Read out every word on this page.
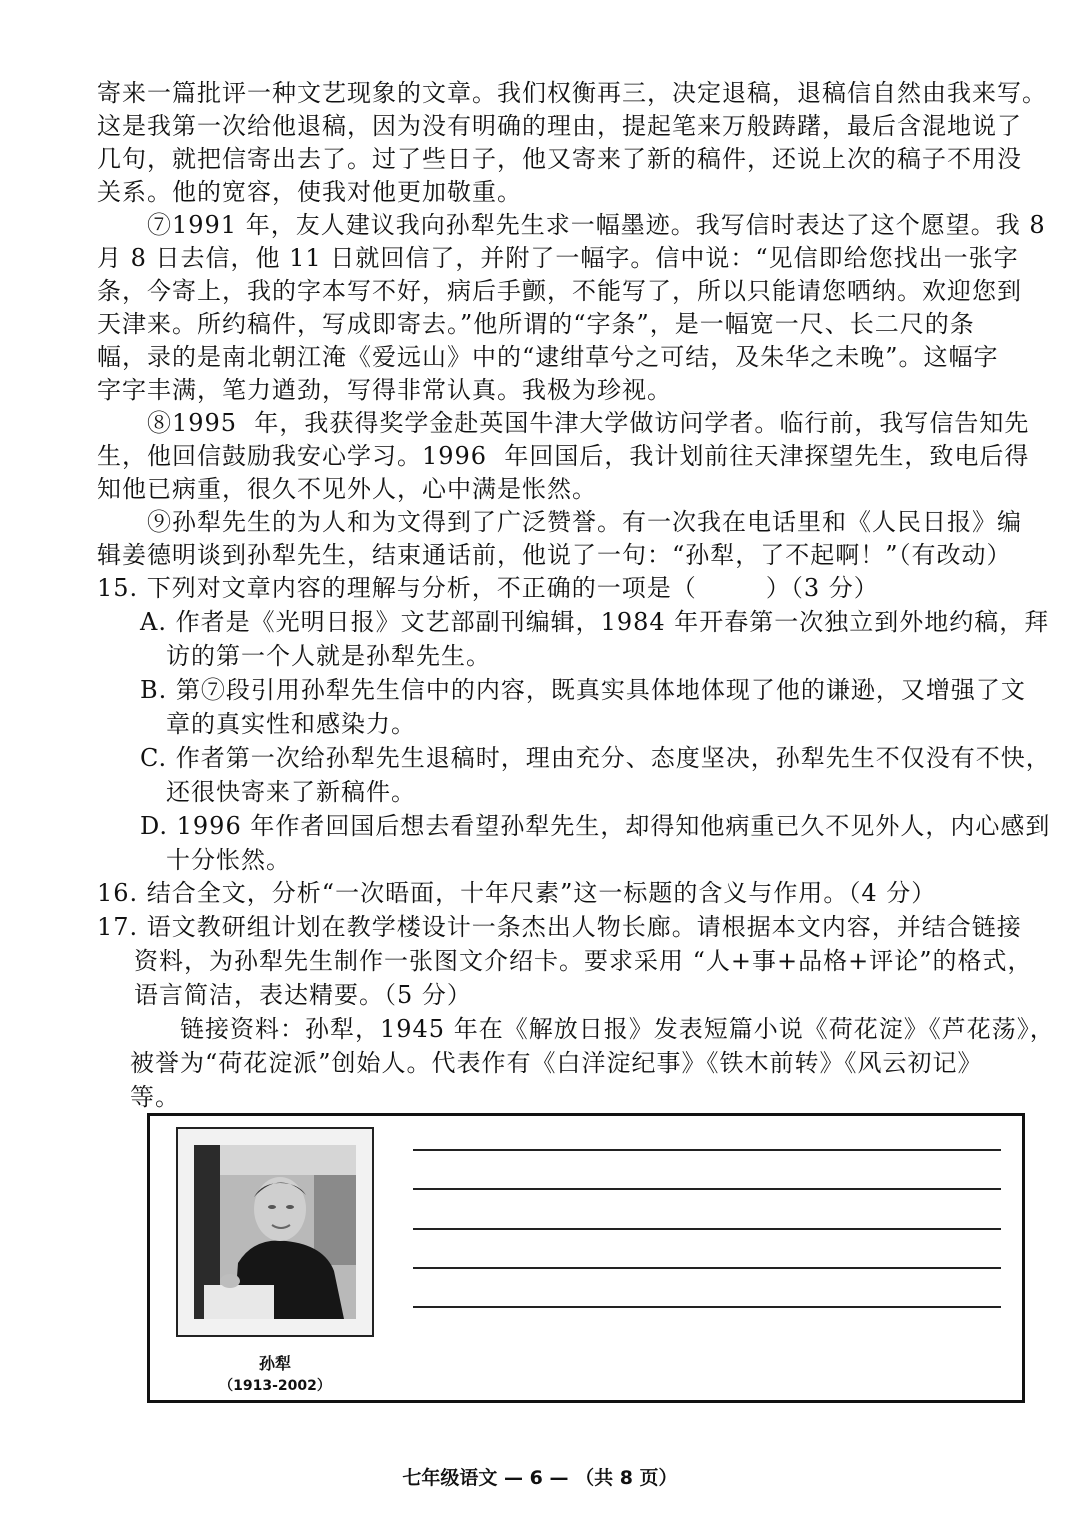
寄来一篇批评一种文艺现象的文章。我们权衡再三，决定退稿，退稿信自然由我来写。
这是我第一次给他退稿，因为没有明确的理由，提起笔来万般踌躇，最后含混地说了
几句，就把信寄出去了。过了些日子，他又寄来了新的稿件，还说上次的稿子不用没
关系。他的宽容，使我对他更加敬重。
⑦1991 年，友人建议我向孙犁先生求一幅墨迹。我写信时表达了这个愿望。我 8
月 8 日去信，他 11 日就回信了，并附了一幅字。信中说：“见信即给您找出一张字
条，今寄上，我的字本写不好，病后手颤，不能写了，所以只能请您哂纳。欢迎您到
天津来。所约稿件，写成即寄去。”他所谓的“字条”，是一幅宽一尺、长二尺的条
幅，录的是南北朝江淹《爱远山》中的“逮绀草兮之可结，及朱华之未晚”。这幅字
字字丰满，笔力遒劲，写得非常认真。我极为珍视。
⑧1995  年，我获得奖学金赴英国牛津大学做访问学者。临行前，我写信告知先
生，他回信鼓励我安心学习。1996  年回国后，我计划前往天津探望先生，致电后得
知他已病重，很久不见外人，心中满是怅然。
⑨孙犁先生的为人和为文得到了广泛赞誉。有一次我在电话里和《人民日报》编
辑姜德明谈到孙犁先生，结束通话前，他说了一句：“孙犁，了不起啊！”（有改动）
15. 下列对文章内容的理解与分析，不正确的一项是（        ）（3 分）
A. 作者是《光明日报》文艺部副刊编辑，1984 年开春第一次独立到外地约稿，拜
访的第一个人就是孙犁先生。
B. 第⑦段引用孙犁先生信中的内容，既真实具体地体现了他的谦逊，又增强了文
章的真实性和感染力。
C. 作者第一次给孙犁先生退稿时，理由充分、态度坚决，孙犁先生不仅没有不快，
还很快寄来了新稿件。
D. 1996 年作者回国后想去看望孙犁先生，却得知他病重已久不见外人，内心感到
十分怅然。
16. 结合全文，分析“一次晤面，十年尺素”这一标题的含义与作用。（4 分）
17. 语文教研组计划在教学楼设计一条杰出人物长廊。请根据本文内容，并结合链接
资料，为孙犁先生制作一张图文介绍卡。要求采用 “人+事+品格+评论”的格式，
语言简洁，表达精要。（5 分）
链接资料：孙犁，1945 年在《解放日报》发表短篇小说《荷花淀》《芦花荡》，
被誉为“荷花淀派”创始人。代表作有《白洋淀纪事》《铁木前转》《风云初记》
等。
孙犁
（1913-2002）
七年级语文 — 6 — （共 8 页）
